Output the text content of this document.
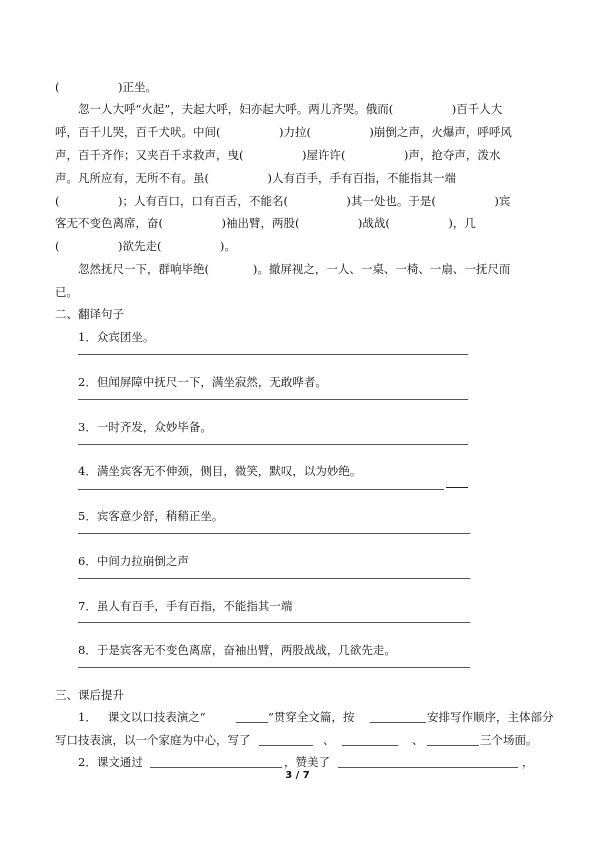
(                )正坐。
忽一人大呼“火起”，夫起大呼，妇亦起大呼。两儿齐哭。俄而(                )百千人大
呼，百千儿哭，百千犬吠。中间(                )力拉(                )崩倒之声，火爆声，呼呼风
声，百千齐作；又夹百千求救声，曳(                )屋许许(                )声，抢夺声，泼水
声。凡所应有，无所不有。虽(                )人有百手，手有百指，不能指其一端
(                )；人有百口，口有百舌，不能名(                )其一处也。于是(                )宾
客无不变色离席，奋(                )袖出臂，两股(                )战战(                )，几
(                )欲先走(                )。
忽然抚尺一下，群响毕绝(            )。撤屏视之，一人、一桌、一椅、一扇、一抚尺而
已。
二、翻译句子
1．众宾团坐。
2．但闻屏障中抚尺一下，满坐寂然，无敢哗者。
3．一时齐发，众妙毕备。
4．满坐宾客无不伸颈，侧目，微笑，默叹，以为妙绝。
5．宾客意少舒，稍稍正坐。
6．中间力拉崩倒之声
7．虽人有百手，手有百指，不能指其一端
8．于是宾客无不变色离席，奋袖出臂，两股战战，几欲先走。
三、课后提升
1．   课文以口技表演之“	”贯穿全文篇，按	安排写作顺序，主体部分
写口技表演，以一个家庭为中心，写了	、	、	三个场面。
2．课文通过	，赞美了	，
3 / 7
